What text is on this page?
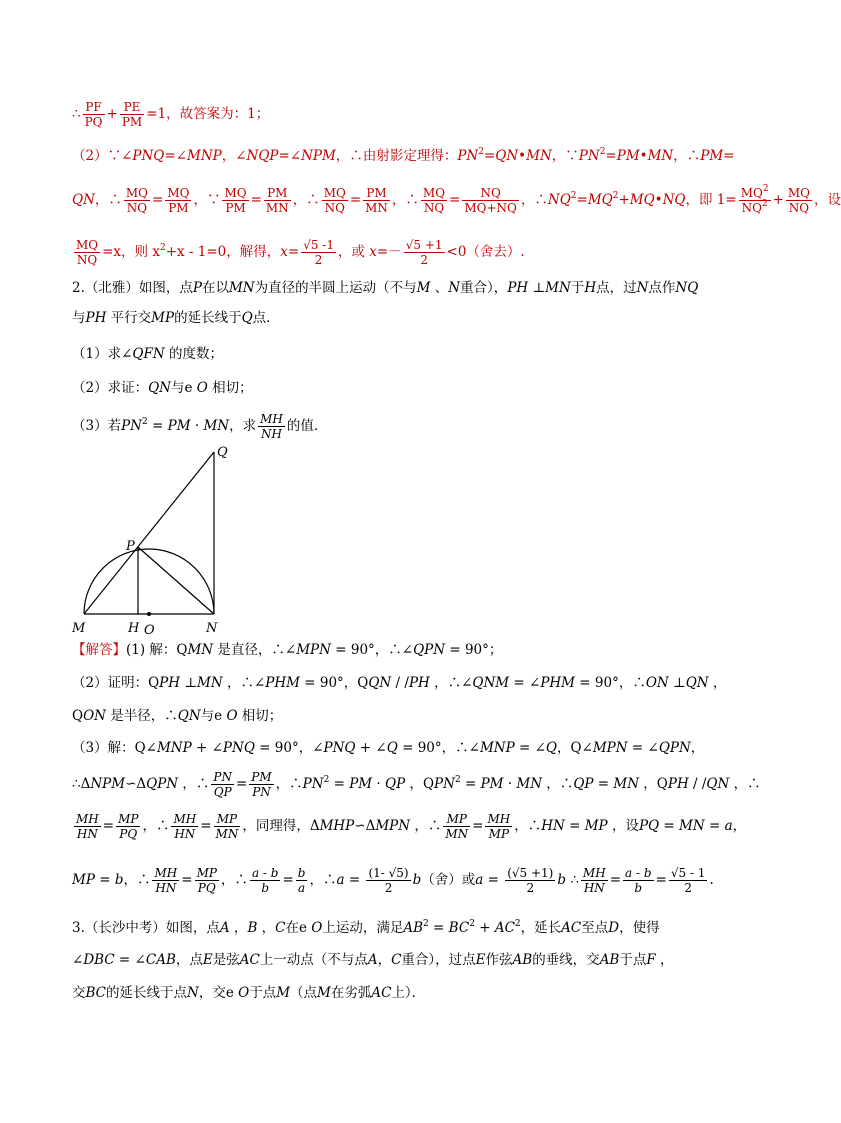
∴ $\frac{PF}{PQ} + \frac{PE}{PM} =1$，故答案为：1；
（2）∵∠PNQ=∠MNP，∠NQP=∠NPM，∴由射影定理得：$PN^2=QN•MN$，$\because PN^2=PM•MN$，∴PM=
QN，∴ $\frac{MQ}{NQ} = \frac{MQ}{PM}$ ，∵ $\frac{MQ}{PM} = \frac{PM}{MN}$ ，∴ $\frac{MQ}{NQ} = \frac{PM}{MN}$ ，∴ $\frac{MQ}{NQ} = \frac{NQ}{MQ+NQ}$ ，$\therefore NQ^2=MQ^2+MQ•NQ$，即 $1= \frac{MQ^2}{NQ^2} + \frac{MQ}{NQ}$ ，设
$\frac{MQ}{NQ} =x$，则 $x^2+x - 1=0$，解得，$x= \frac{√5 -1}{2}$ ，或 $x=- \frac{√5 +1}{2} <0$（舍去）.
2.（北雅）如图，点P在以MN为直径的半圆上运动（不与M 、N重合），PH ⊥MN于H点，过N点作NQ
与PH 平行交MP的延长线于Q点．
（1）求∠QFN 的度数；
（2）求证：QN与e O 相切；
（3）若$PN^2$ = PM · MN，求 $\frac{MH}{NH}$ 的值．
Q
P
M	H O	N
【解答】(1) 解：QMN 是直径，∴∠MPN = 90°，∴∠QPN = 90°；
（2）证明：QPH ⊥MN ，∴∠PHM = 90°，QQN / /PH ，∴∠QNM = ∠PHM = 90°，∴ON ⊥QN ，
QON 是半径，∴QN与e O 相切；
（3）解：Q∠MNP + ∠PNQ = 90°，∠PNQ + ∠Q = 90°，∴∠MNP = ∠Q，Q∠MPN = ∠QPN，
∴ΔNPM∽ΔQPN ，∴ $\frac{PN}{QP} = \frac{PM}{PN}$ ，$\therefore PN^2$ = PM · QP ，$QPN^2$ = PM · MN ，∴QP = MN ，QPH / /QN ，∴
$\frac{MH}{HN} = \frac{MP}{PQ}$ ，∴ $\frac{MH}{HN} = \frac{MP}{MN}$ ，同理得，ΔMHP∽ΔMPN ，∴ $\frac{MP}{MN} = \frac{MH}{MP}$ ，∴HN = MP ，设PQ = MN = a，
MP = b，∴ $\frac{MH}{HN} = \frac{MP}{PQ}$ ，∴ $\frac{a - b}{b} = \frac{b}{a}$ ，∴a = $\frac{(1- √5)}{2} b$（舍）或$a = \frac{(√5 +1)}{2}$ b ∴ $\frac{MH}{HN} = \frac{a - b}{b} = \frac{√5 - 1}{2}$ .
3.（长沙中考）如图，点A ，B ，C在e O上运动，满足$AB^2 = BC^2 + AC^2$，延长AC至点D，使得
∠DBC = ∠CAB，点E是弦AC上一动点（不与点A，C重合），过点E作弦AB的垂线，交AB于点F ，
交BC的延长线于点N，交e O于点M（点M在劣弧AC上）．
